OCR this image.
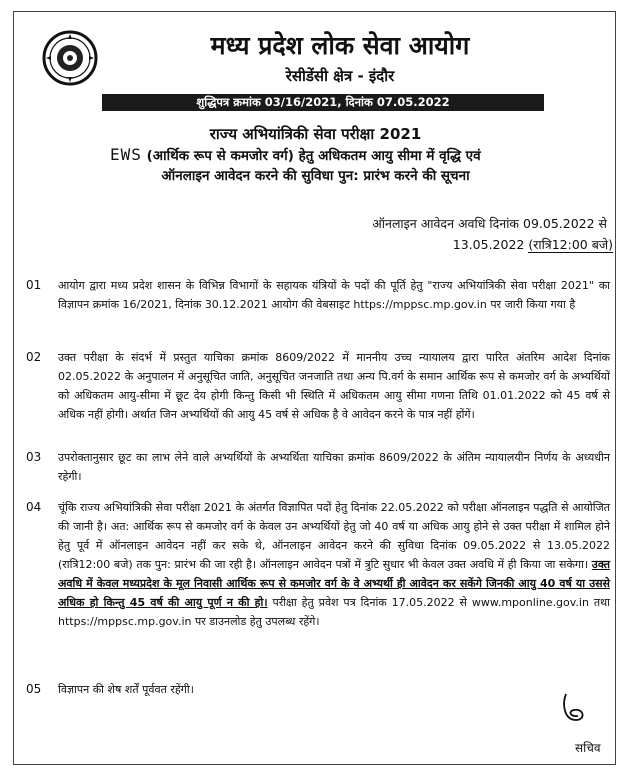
मध्य प्रदेश लोक सेवा आयोग
रेसीडेंसी क्षेत्र - इंदौर
शुद्धिपत्र क्रमांक 03/16/2021, दिनांक 07.05.2022
राज्य अभियांत्रिकी सेवा परीक्षा 2021
EWS (आर्थिक रूप से कमजोर वर्ग) हेतु अधिकतम आयु सीमा में वृद्धि एवं
ऑनलाइन आवेदन करने की सुविधा पुन: प्रारंभ करने की सूचना
ऑनलाइन आवेदन अवधि दिनांक 09.05.2022 से
13.05.2022 (रात्रि12:00 बजे)
01 आयोग द्वारा मध्य प्रदेश शासन के विभिन्न विभागों के सहायक यंत्रियों के पदों की पूर्ति हेतु "राज्य अभियांत्रिकी सेवा परीक्षा 2021" का विज्ञापन क्रमांक 16/2021, दिनांक 30.12.2021 आयोग की वेबसाइट https://mppsc.mp.gov.in पर जारी किया गया है
02 उक्त परीक्षा के संदर्भ में प्रस्तुत याचिका क्रमांक 8609/2022 में माननीय उच्च न्यायालय द्वारा पारित अंतरिम आदेश दिनांक 02.05.2022 के अनुपालन में अनुसूचित जाति, अनुसूचित जनजाति तथा अन्य पि.वर्ग के समान आर्थिक रूप से कमजोर वर्ग के अभ्यर्थियों को अधिकतम आयु-सीमा में छूट देय होगी किन्तु किसी भी स्थिति में अधिकतम आयु सीमा गणना तिथि 01.01.2022 को 45 वर्ष से अधिक नहीं होगी। अर्थात जिन अभ्यर्थियों की आयु 45 वर्ष से अधिक है वे आवेदन करने के पात्र नहीं होंगें।
03 उपरोक्तानुसार छूट का लाभ लेने वाले अभ्यर्थियों के अभ्यर्थिता याचिका क्रमांक 8609/2022 के अंतिम न्यायालयीन निर्णय के अध्यधीन रहेगी।
04 चूंकि राज्य अभियांत्रिकी सेवा परीक्षा 2021 के अंतर्गत विज्ञापित पदों हेतु दिनांक 22.05.2022 को परीक्षा ऑनलाइन पद्धति से आयोजित की जानी है। अत: आर्थिक रूप से कमजोर वर्ग के केवल उन अभ्यर्थियों हेतु जो 40 वर्ष या अधिक आयु होने से उक्त परीक्षा में शामिल होने हेतु पूर्व में ऑनलाइन आवेदन नहीं कर सके थे, ऑनलाइन आवेदन करने की सुविधा दिनांक 09.05.2022 से 13.05.2022 (रात्रि12:00 बजे) तक पुन: प्रारंभ की जा रही है। ऑनलाइन आवेदन पत्रों में त्रुटि सुधार भी केवल उक्त अवधि में ही किया जा सकेगा। उक्त अवधि में केवल मध्यप्रदेश के मूल निवासी आर्थिक रूप से कमजोर वर्ग के वे अभ्यर्थी ही आवेदन कर सकेंगे जिनकी आयु 40 वर्ष या उससे अधिक हो किन्तु 45 वर्ष की आयु पूर्ण न की हो। परीक्षा हेतु प्रवेश पत्र दिनांक 17.05.2022 से www.mponline.gov.in तथा https://mppsc.mp.gov.in पर डाउनलोड हेतु उपलब्ध रहेंगे।
05 विज्ञापन की शेष शर्तें पूर्ववत रहेंगी।
सचिव
